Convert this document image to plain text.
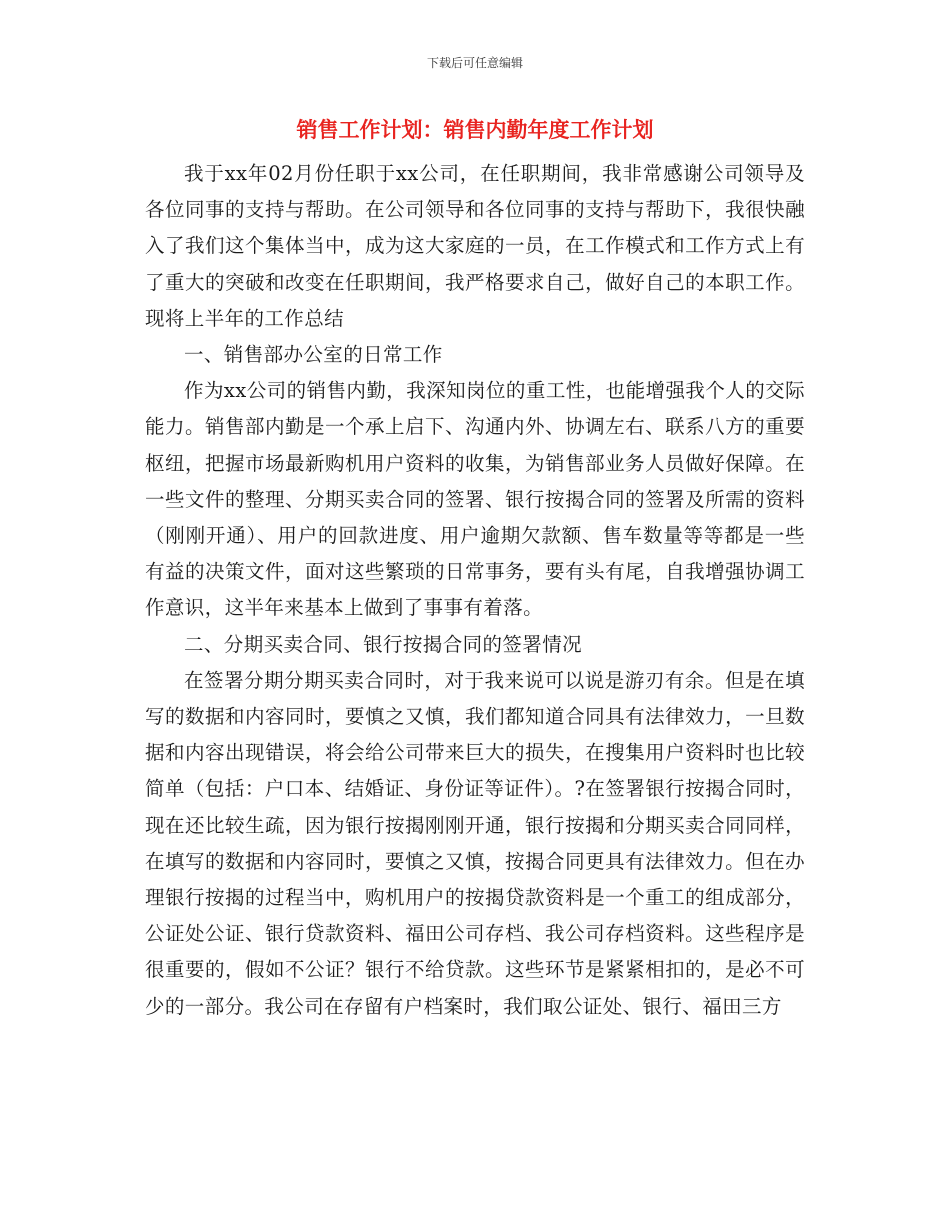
下载后可任意编辑
销售工作计划：销售内勤年度工作计划

我于xx年02月份任职于xx公司，在任职期间，我非常感谢公司领导及各位同事的支持与帮助。在公司领导和各位同事的支持与帮助下，我很快融入了我们这个集体当中，成为这大家庭的一员，在工作模式和工作方式上有了重大的突破和改变在任职期间，我严格要求自己，做好自己的本职工作。现将上半年的工作总结

一、销售部办公室的日常工作

作为xx公司的销售内勤，我深知岗位的重工性，也能增强我个人的交际能力。销售部内勤是一个承上启下、沟通内外、协调左右、联系八方的重要枢纽，把握市场最新购机用户资料的收集，为销售部业务人员做好保障。在一些文件的整理、分期买卖合同的签署、银行按揭合同的签署及所需的资料（刚刚开通）、用户的回款进度、用户逾期欠款额、售车数量等等都是一些有益的决策文件，面对这些繁琐的日常事务，要有头有尾，自我增强协调工作意识，这半年来基本上做到了事事有着落。

二、分期买卖合同、银行按揭合同的签署情况

在签署分期分期买卖合同时，对于我来说可以说是游刃有余。但是在填写的数据和内容同时，要慎之又慎，我们都知道合同具有法律效力，一旦数据和内容出现错误，将会给公司带来巨大的损失，在搜集用户资料时也比较简单（包括：户口本、结婚证、身份证等证件）。?在签署银行按揭合同时，现在还比较生疏，因为银行按揭刚刚开通，银行按揭和分期买卖合同同样，在填写的数据和内容同时，要慎之又慎，按揭合同更具有法律效力。但在办理银行按揭的过程当中，购机用户的按揭贷款资料是一个重工的组成部分，公证处公证、银行贷款资料、福田公司存档、我公司存档资料。这些程序是很重要的，假如不公证？银行不给贷款。这些环节是紧紧相扣的，是必不可少的一部分。我公司在存留有户档案时，我们取公证处、银行、福田三方
